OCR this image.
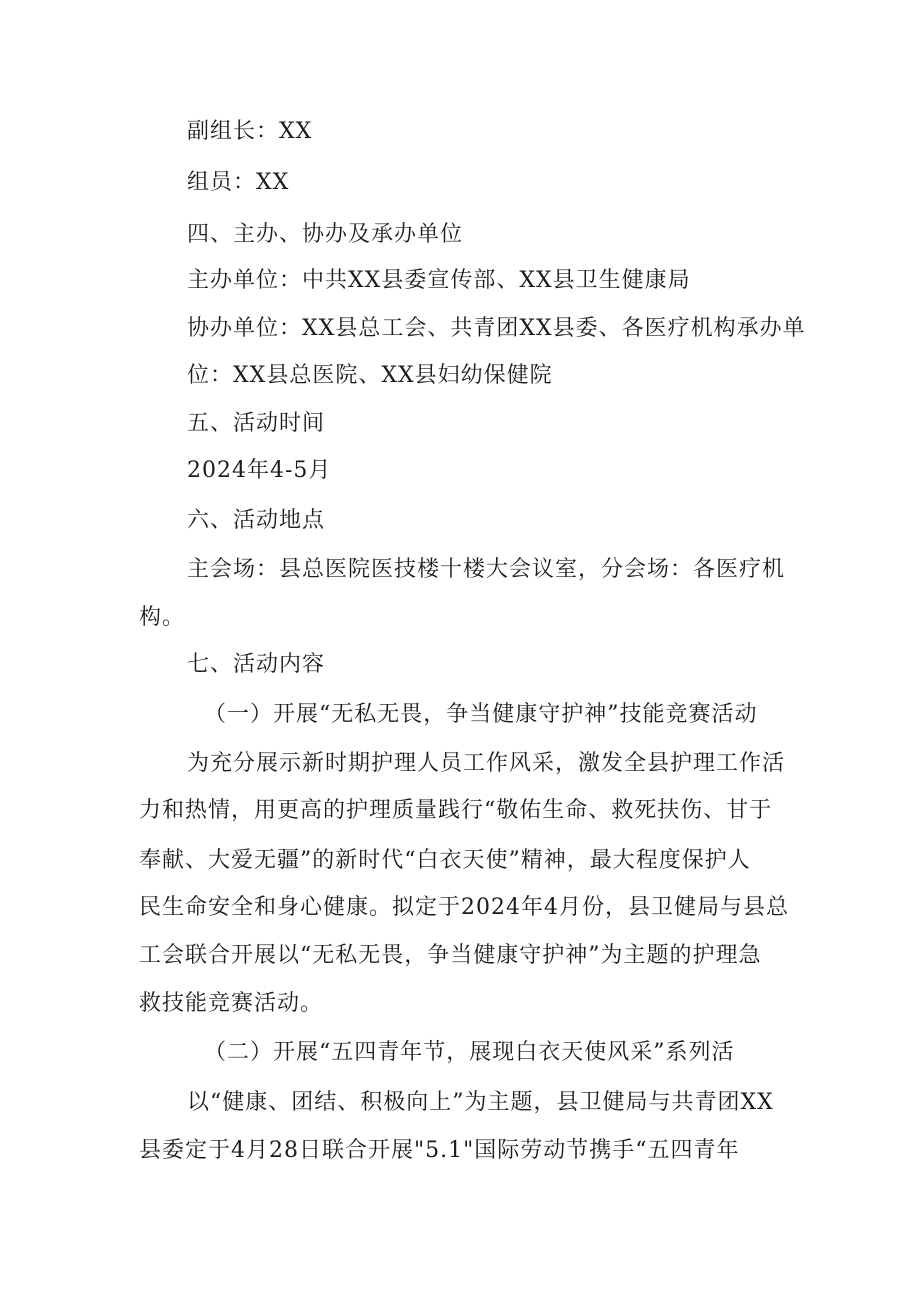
副组长：XX
组员：XX
四、主办、协办及承办单位
主办单位：中共XX县委宣传部、XX县卫生健康局
协办单位：XX县总工会、共青团XX县委、各医疗机构承办单
位：XX县总医院、XX县妇幼保健院
五、活动时间
2024年4-5月
六、活动地点
主会场：县总医院医技楼十楼大会议室，分会场：各医疗机
构。
七、活动内容
（一）开展“无私无畏，争当健康守护神”技能竞赛活动
为充分展示新时期护理人员工作风采，激发全县护理工作活
力和热情，用更高的护理质量践行“敬佑生命、救死扶伤、甘于
奉献、大爱无疆”的新时代“白衣天使”精神，最大程度保护人
民生命安全和身心健康。拟定于2024年4月份，县卫健局与县总
工会联合开展以“无私无畏，争当健康守护神”为主题的护理急
救技能竞赛活动。
（二）开展“五四青年节，展现白衣天使风采”系列活
以“健康、团结、积极向上”为主题，县卫健局与共青团XX
县委定于4月28日联合开展"5.1"国际劳动节携手“五四青年
